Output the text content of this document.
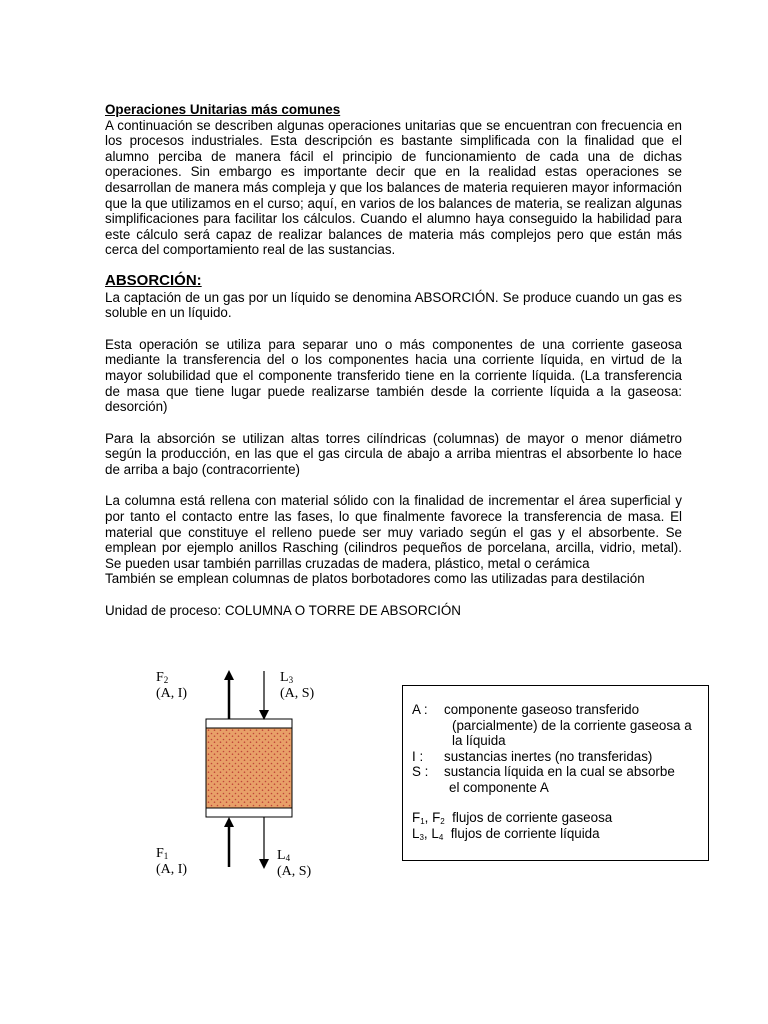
Operaciones Unitarias más comunes

A continuación se describen algunas operaciones unitarias que se encuentran con frecuencia en los procesos industriales. Esta descripción es bastante simplificada con la finalidad que el alumno perciba de manera fácil el principio de funcionamiento de cada una de dichas operaciones. Sin embargo es importante decir que en la realidad estas operaciones se desarrollan de manera más compleja y que los balances de materia requieren mayor información que la que utilizamos en el curso; aquí, en varios de los balances de materia, se realizan algunas simplificaciones para facilitar los cálculos. Cuando el alumno haya conseguido la habilidad para este cálculo será capaz de realizar balances de materia más complejos pero que están más cerca del comportamiento real de las sustancias.

ABSORCIÓN:

La captación de un gas por un líquido se denomina ABSORCIÓN. Se produce cuando un gas es soluble en un líquido.

Esta operación se utiliza para separar uno o más componentes de una corriente gaseosa mediante la transferencia del o los componentes hacia una corriente líquida, en virtud de la mayor solubilidad que el componente transferido tiene en la corriente líquida. (La transferencia de masa que tiene lugar puede realizarse también desde la corriente líquida a la gaseosa: desorción)

Para la absorción se utilizan altas torres cilíndricas (columnas) de mayor o menor diámetro según la producción, en las que el gas circula de abajo a arriba mientras el absorbente lo hace de arriba a bajo (contracorriente)

La columna está rellena con material sólido con la finalidad de incrementar el área superficial y por tanto el contacto entre las fases, lo que finalmente favorece la transferencia de masa. El material que constituye el relleno puede ser muy variado según el gas y el absorbente. Se emplean por ejemplo anillos Rasching (cilindros pequeños de porcelana, arcilla, vidrio, metal). Se pueden usar también parrillas cruzadas de madera, plástico, metal o cerámica

También se emplean columnas de platos borbotadores como las utilizadas para destilación

Unidad de proceso: COLUMNA O TORRE DE ABSORCIÓN

$F_2$
(A, I)
$L_3$
(A, S)
$F_1$
(A, I)
$L_4$
(A, S)
A :	componente gaseoso transferido
(parcialmente) de la corriente gaseosa a
la líquida
I :	sustancias inertes (no transferidas)
S :	sustancia líquida en la cual se absorbe
el componente A
$F_1$, $F_2$  flujos de corriente gaseosa
$L_3$, $L_4$  flujos de corriente líquida
